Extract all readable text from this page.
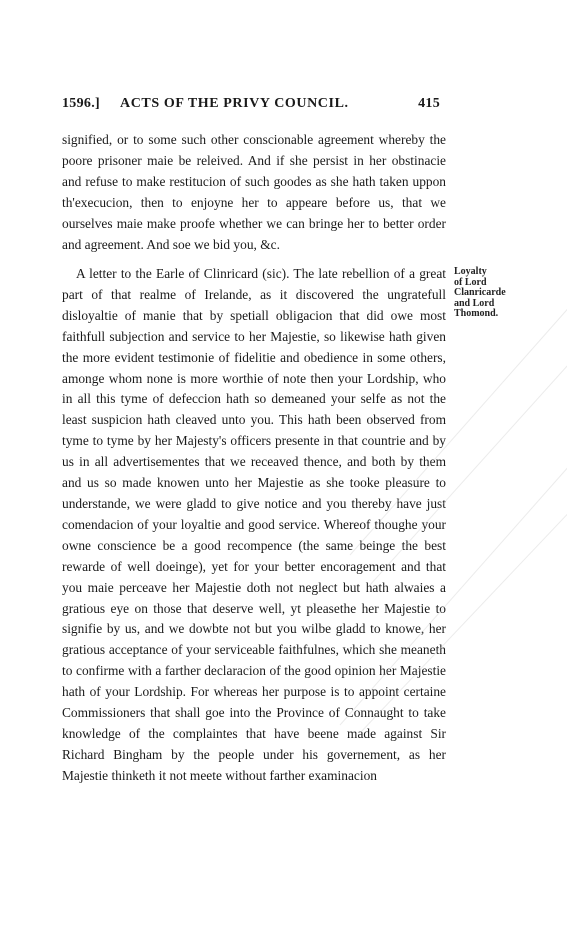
1596.] ACTS OF THE PRIVY COUNCIL.	415
signified, or to some such other conscionable agreement whereby the poore prisoner maie be releived. And if she persist in her obstinacie and refuse to make restitucion of such goodes as she hath taken uppon th'execucion, then to enjoyne her to appeare before us, that we ourselves maie make proofe whether we can bringe her to better order and agreement. And soe we bid you, &c.
A letter to the Earle of Clinricard (sic). The late rebellion of a great part of that realme of Irelande, as it discovered the ungratefull disloyaltie of manie that by spetiall obligacion that did owe most faithfull subjection and service to her Majestie, so likewise hath given the more evident testimonie of fidelitie and obedience in some others, amonge whom none is more worthie of note then your Lordship, who in all this tyme of defeccion hath so demeaned your selfe as not the least suspicion hath cleaved unto you. This hath been observed from tyme to tyme by her Majesty's officers presente in that countrie and by us in all advertisementes that we receaved thence, and both by them and us so made knowen unto her Majestie as she tooke pleasure to understande, we were gladd to give notice and you thereby have just comendacion of your loyaltie and good service. Whereof thoughe your owne conscience be a good recompence (the same beinge the best rewarde of well doeinge), yet for your better encoragement and that you maie perceave her Majestie doth not neglect but hath alwaies a gratious eye on those that deserve well, yt pleasethe her Majestie to signifie by us, and we dowbte not but you wilbe gladd to knowe, her gratious acceptance of your serviceable faithfulnes, which she meaneth to confirme with a farther declaracion of the good opinion her Majestie hath of your Lordship. For whereas her purpose is to appoint certaine Commissioners that shall goe into the Province of Connaught to take knowledge of the complaintes that have beene made against Sir Richard Bingham by the people under his governement, as her Majestie thinketh it not meete without farther examinacion
Loyalty
of Lord
Clanricarde
and Lord
Thomond.
